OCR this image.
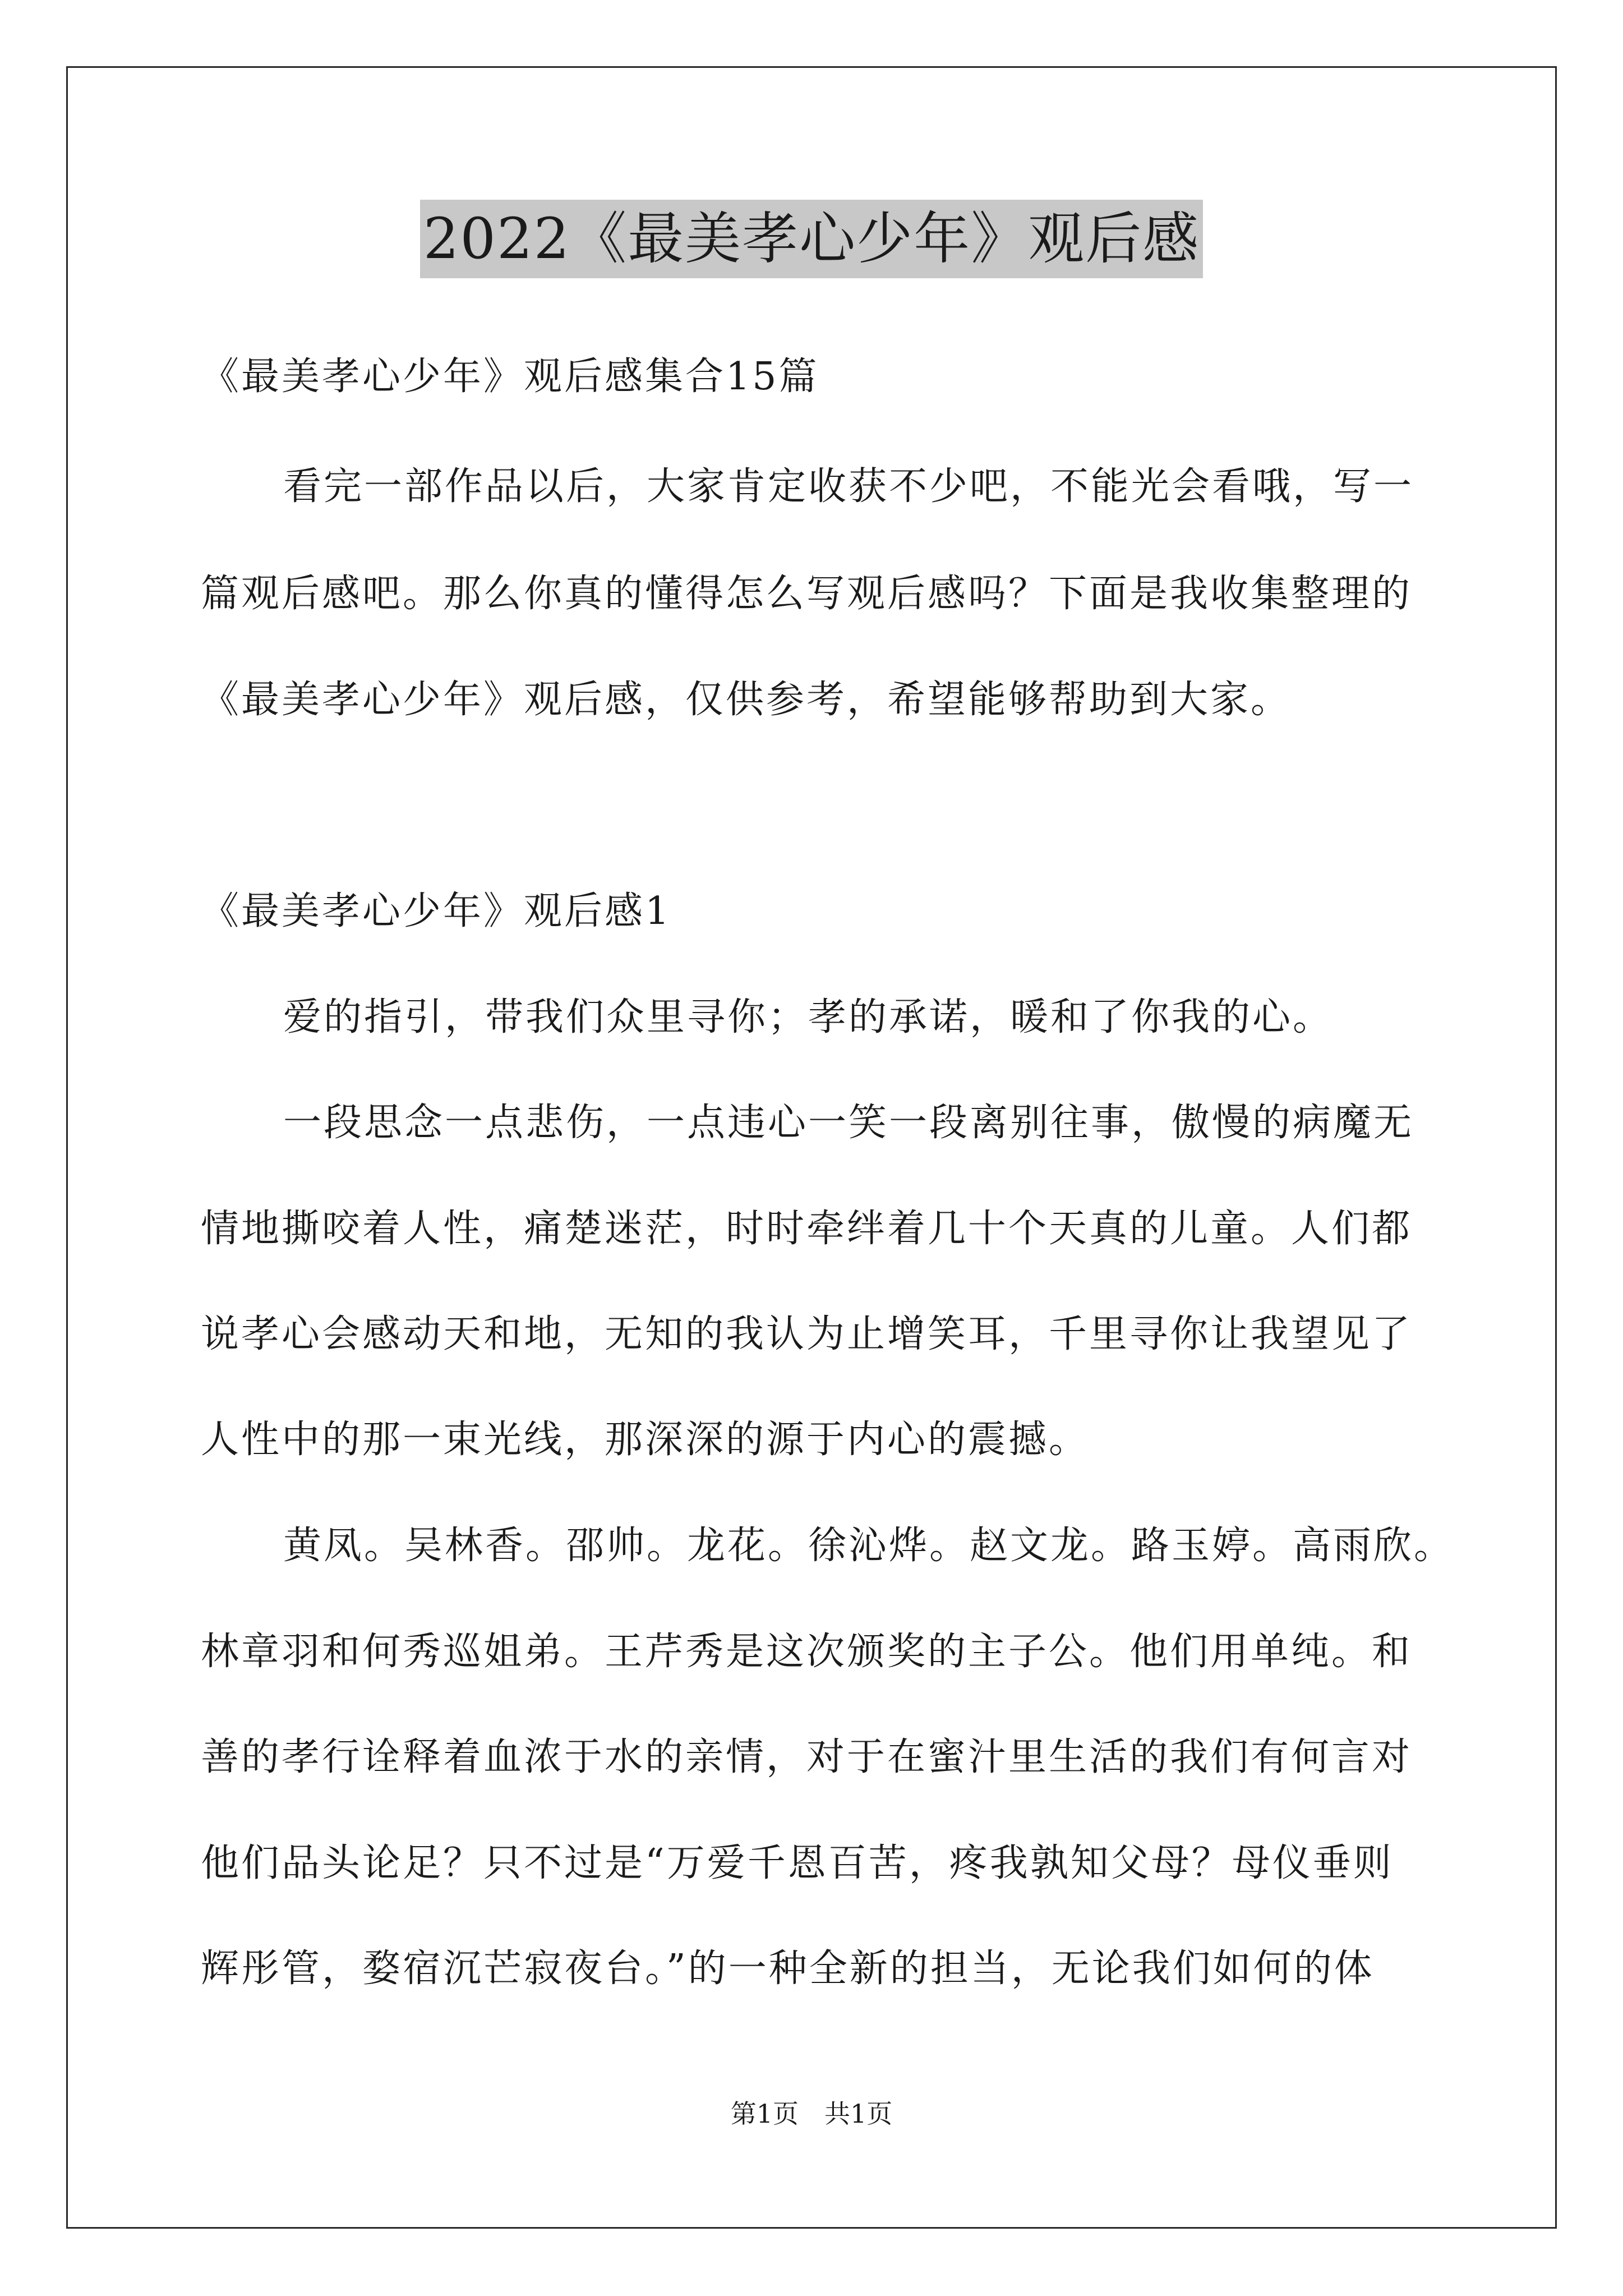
2022《最美孝心少年》观后感
《最美孝心少年》观后感集合15篇
看完一部作品以后，大家肯定收获不少吧，不能光会看哦，写一
篇观后感吧。那么你真的懂得怎么写观后感吗？下面是我收集整理的
《最美孝心少年》观后感，仅供参考，希望能够帮助到大家。
《最美孝心少年》观后感1
爱的指引，带我们众里寻你；孝的承诺，暖和了你我的心。
一段思念一点悲伤，一点违心一笑一段离别往事，傲慢的病魔无
情地撕咬着人性，痛楚迷茫，时时牵绊着几十个天真的儿童。人们都
说孝心会感动天和地，无知的我认为止增笑耳，千里寻你让我望见了
人性中的那一束光线，那深深的源于内心的震撼。
黄凤。吴林香。邵帅。龙花。徐沁烨。赵文龙。路玉婷。高雨欣。
林章羽和何秀巡姐弟。王芹秀是这次颁奖的主子公。他们用单纯。和
善的孝行诠释着血浓于水的亲情，对于在蜜汁里生活的我们有何言对
他们品头论足？只不过是“万爱千恩百苦，疼我孰知父母？母仪垂则
辉彤管，婺宿沉芒寂夜台。”的一种全新的担当，无论我们如何的体
第1页 共1页
